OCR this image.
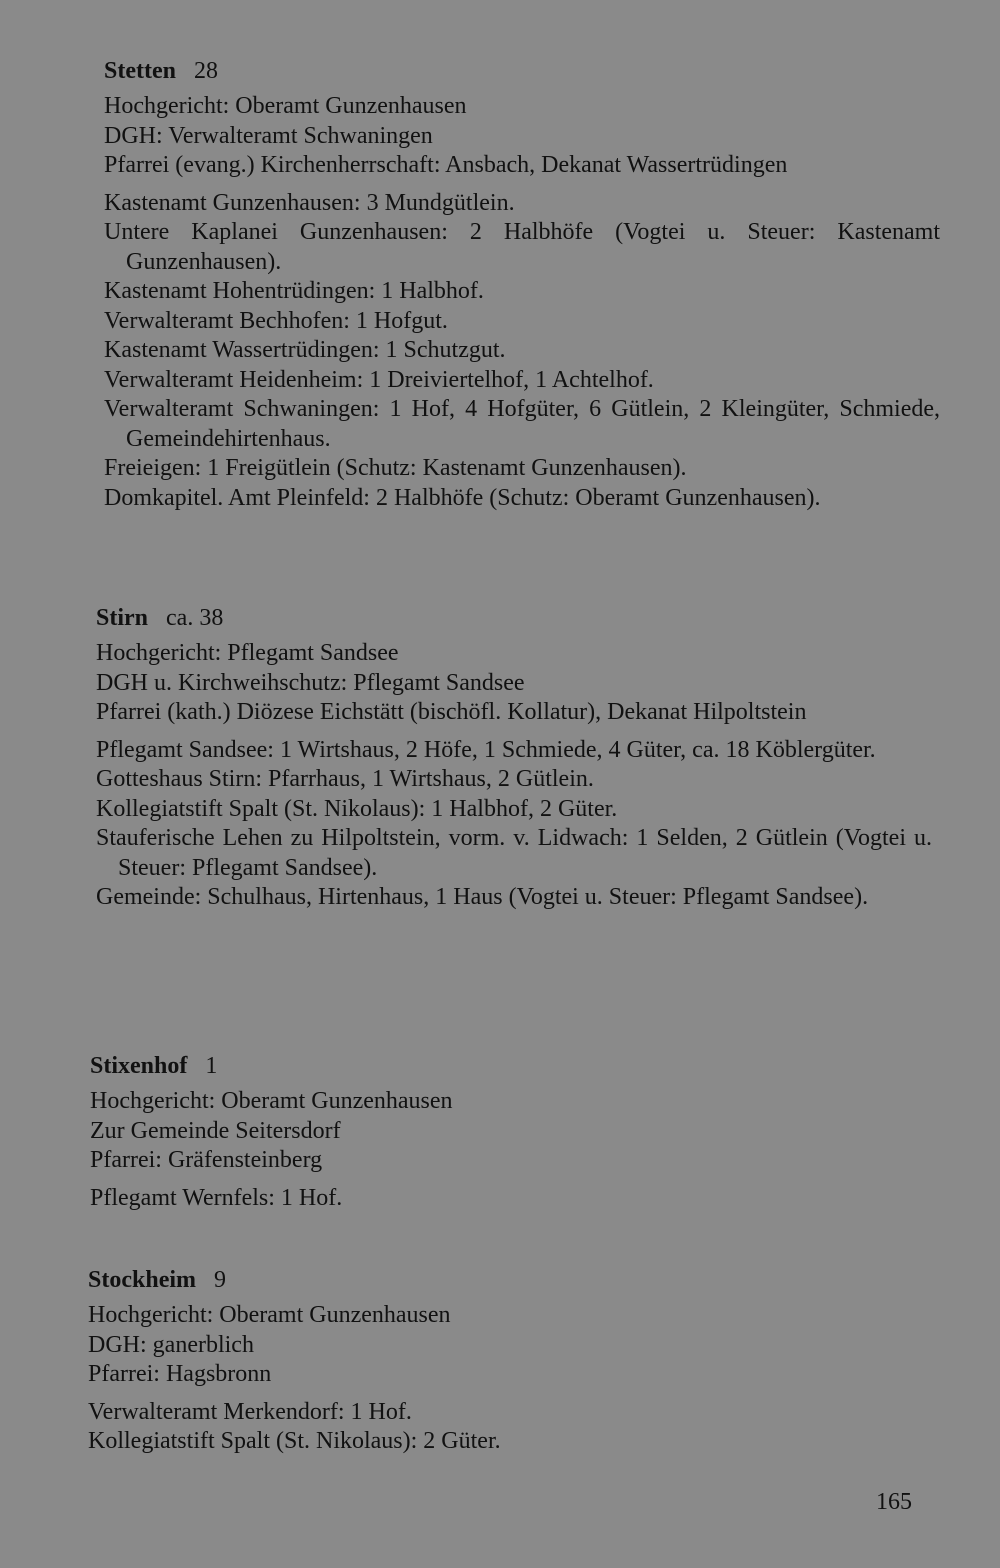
Stetten 28
Hochgericht: Oberamt Gunzenhausen
DGH: Verwalteramt Schwaningen
Pfarrei (evang.) Kirchenherrschaft: Ansbach, Dekanat Wassertrüdingen
Kastenamt Gunzenhausen: 3 Mundgütlein.
Untere Kaplanei Gunzenhausen: 2 Halbhöfe (Vogtei u. Steuer: Kastenamt Gunzenhausen).
Kastenamt Hohentrüdingen: 1 Halbhof.
Verwalteramt Bechhofen: 1 Hofgut.
Kastenamt Wassertrüdingen: 1 Schutzgut.
Verwalteramt Heidenheim: 1 Dreiviertelhof, 1 Achtelhof.
Verwalteramt Schwaningen: 1 Hof, 4 Hofgüter, 6 Gütlein, 2 Kleingüter, Schmiede, Gemeindehirtenhaus.
Freieigen: 1 Freigütlein (Schutz: Kastenamt Gunzenhausen).
Domkapitel. Amt Pleinfeld: 2 Halbhöfe (Schutz: Oberamt Gunzenhausen).
Stirn ca. 38
Hochgericht: Pflegamt Sandsee
DGH u. Kirchweihschutz: Pflegamt Sandsee
Pfarrei (kath.) Diözese Eichstätt (bischöfl. Kollatur), Dekanat Hilpoltstein
Pflegamt Sandsee: 1 Wirtshaus, 2 Höfe, 1 Schmiede, 4 Güter, ca. 18 Köblergüter.
Gotteshaus Stirn: Pfarrhaus, 1 Wirtshaus, 2 Gütlein.
Kollegiatstift Spalt (St. Nikolaus): 1 Halbhof, 2 Güter.
Stauferische Lehen zu Hilpoltstein, vorm. v. Lidwach: 1 Selden, 2 Gütlein (Vogtei u. Steuer: Pflegamt Sandsee).
Gemeinde: Schulhaus, Hirtenhaus, 1 Haus (Vogtei u. Steuer: Pflegamt Sandsee).
Stixenhof 1
Hochgericht: Oberamt Gunzenhausen
Zur Gemeinde Seitersdorf
Pfarrei: Gräfensteinberg
Pflegamt Wernfels: 1 Hof.
Stockheim 9
Hochgericht: Oberamt Gunzenhausen
DGH: ganerblich
Pfarrei: Hagsbronn
Verwalteramt Merkendorf: 1 Hof.
Kollegiatstift Spalt (St. Nikolaus): 2 Güter.
165
